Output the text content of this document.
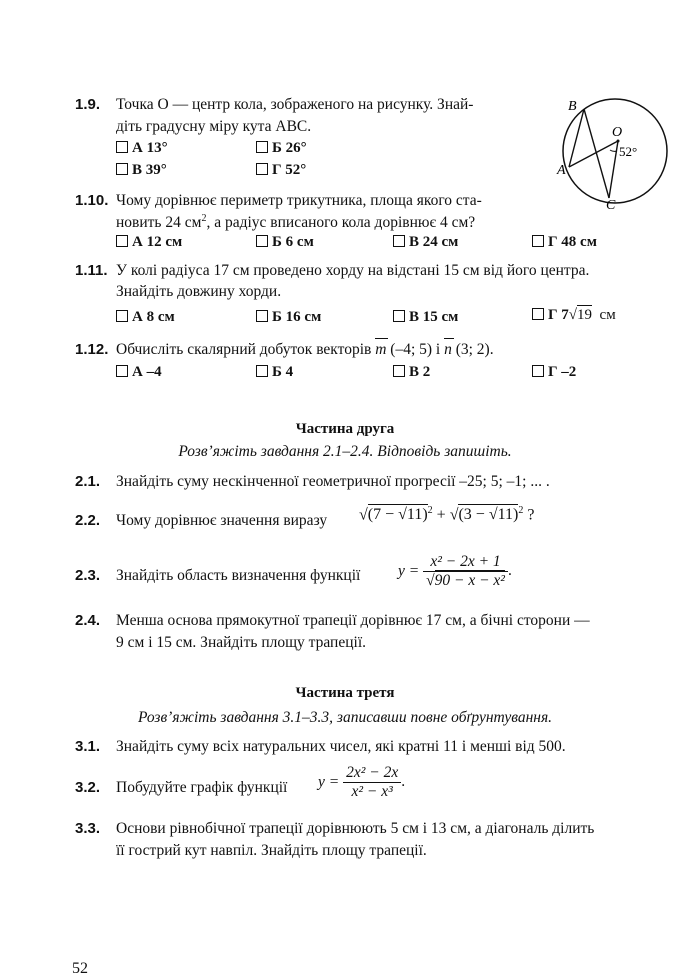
1.9. Точка O — центр кола, зображеного на рисунку. Знай-
діть градусну міру кута ABC.
А 13°	Б 26°
В 39°	Г 52°
B
O
A
C
52°
1.10. Чому дорівнює периметр трикутника, площа якого ста-
новить 24 $см^2$, а радіус вписаного кола дорівнює 4 см?
А 12 см	Б 6 см	В 24 см	Г 48 см
1.11. У колі радіуса 17 см проведено хорду на відстані 15 см від його центра.
Знайдіть довжину хорди.
А 8 см	Б 16 см	В 15 см	Г 7√19 см
1.12. Обчисліть скалярний добуток векторів m (–4; 5) і n (3; 2).
А –4	Б 4	В 2	Г –2
Частина друга
Розв’яжіть завдання 2.1–2.4. Відповідь запишіть.
2.1. Знайдіть суму нескінченної геометричної прогресії –25; 5; –1; ... .
2.2. Чому дорівнює значення виразу $√(7 - √11)^2 + √(3 - √11)^2$ ?
2.3. Знайдіть область визначення функції $y = \frac{\text{x² − 2x + 1}}{\text{√90 − x − x²}}$ .
2.4. Менша основа прямокутної трапеції дорівнює 17 см, а бічні сторони —
9 см і 15 см. Знайдіть площу трапеції.
Частина третя
Розв’яжіть завдання 3.1–3.3, записавши повне обґрунтування.
3.1. Знайдіть суму всіх натуральних чисел, які кратні 11 і менші від 500.
3.2. Побудуйте графік функції $y = \frac{\text{2x² − 2x}}{\text{x² − x³}}$ .
3.3. Основи рівнобічної трапеції дорівнюють 5 см і 13 см, а діагональ ділить
її гострий кут навпіл. Знайдіть площу трапеції.
52
